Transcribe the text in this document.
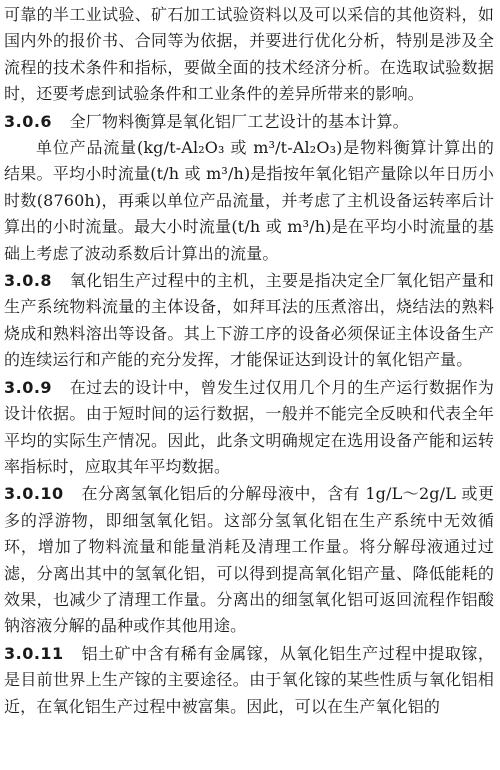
可靠的半工业试验、矿石加工试验资料以及可以采信的其他资料，如国内外的报价书、合同等为依据，并要进行优化分析，特别是涉及全流程的技术条件和指标，要做全面的技术经济分析。在选取试验数据时，还要考虑到试验条件和工业条件的差异所带来的影响。

3.0.6 全厂物料衡算是氧化铝厂工艺设计的基本计算。

单位产品流量(kg/t-Al₂O₃ 或 m³/t-Al₂O₃)是物料衡算计算出的结果。平均小时流量(t/h 或 m³/h)是指按年氧化铝产量除以年日历小时数(8760h)，再乘以单位产品流量，并考虑了主机设备运转率后计算出的小时流量。最大小时流量(t/h 或 m³/h)是在平均小时流量的基础上考虑了波动系数后计算出的流量。

3.0.8 氧化铝生产过程中的主机，主要是指决定全厂氧化铝产量和生产系统物料流量的主体设备，如拜耳法的压煮溶出，烧结法的熟料烧成和熟料溶出等设备。其上下游工序的设备必须保证主体设备生产的连续运行和产能的充分发挥，才能保证达到设计的氧化铝产量。

3.0.9 在过去的设计中，曾发生过仅用几个月的生产运行数据作为设计依据。由于短时间的运行数据，一般并不能完全反映和代表全年平均的实际生产情况。因此，此条文明确规定在选用设备产能和运转率指标时，应取其年平均数据。

3.0.10 在分离氢氧化铝后的分解母液中，含有 1g/L～2g/L 或更多的浮游物，即细氢氧化铝。这部分氢氧化铝在生产系统中无效循环，增加了物料流量和能量消耗及清理工作量。将分解母液通过过滤，分离出其中的氢氧化铝，可以得到提高氧化铝产量、降低能耗的效果，也减少了清理工作量。分离出的细氢氧化铝可返回流程作铝酸钠溶液分解的晶种或作其他用途。

3.0.11 铝土矿中含有稀有金属镓，从氧化铝生产过程中提取镓，是目前世界上生产镓的主要途径。由于氧化镓的某些性质与氧化铝相近，在氧化铝生产过程中被富集。因此，可以在生产氧化铝的
